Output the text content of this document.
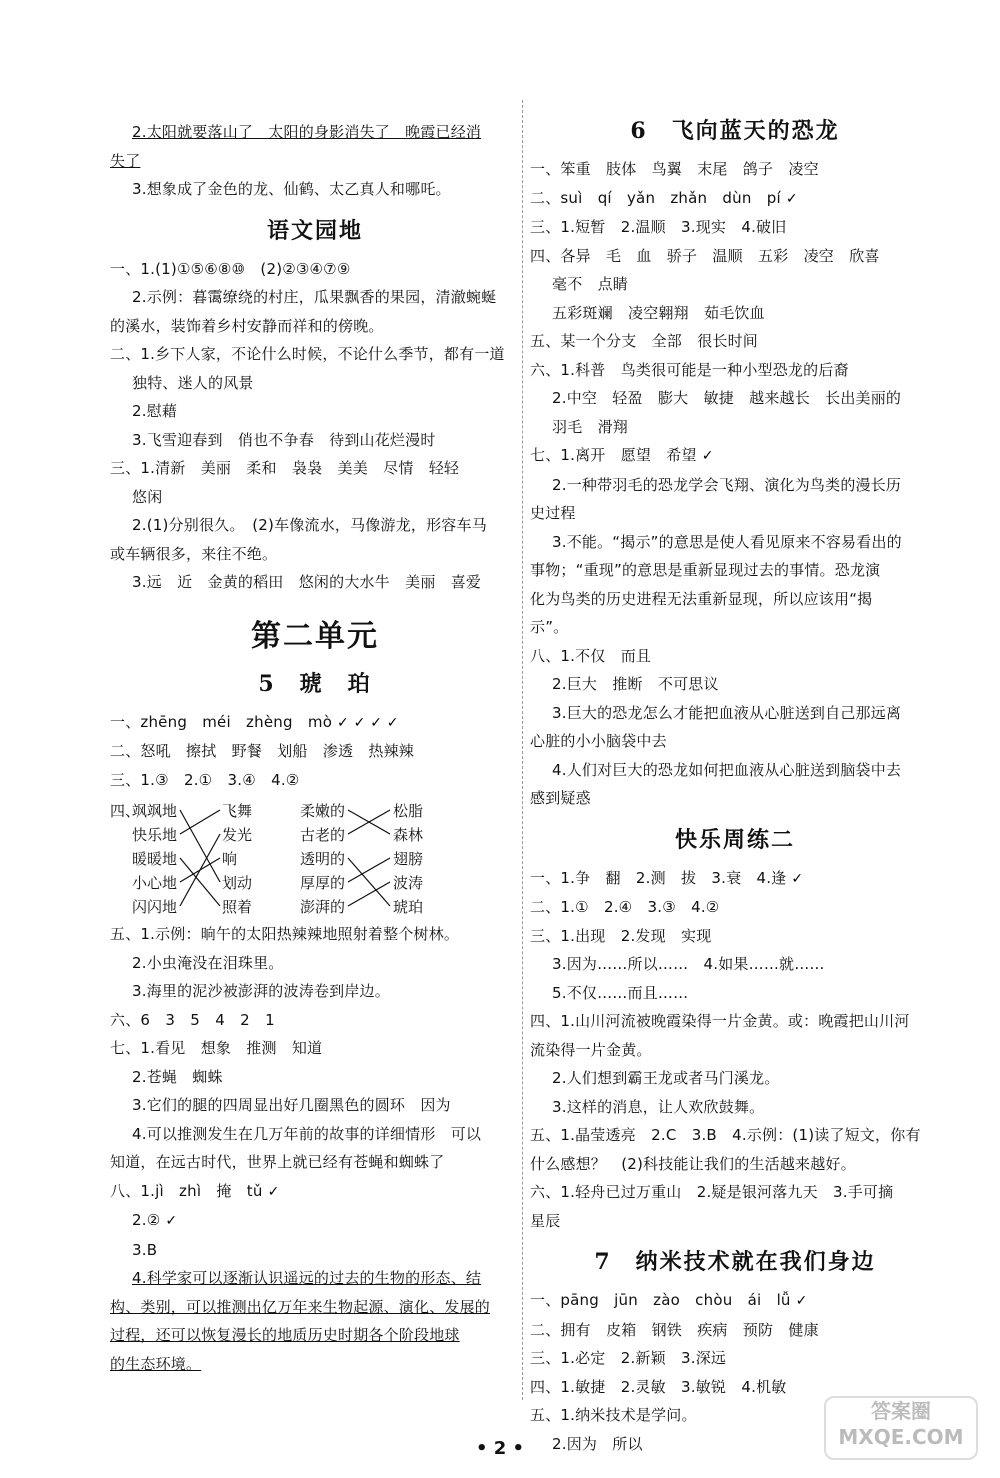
2.太阳就要落山了　太阳的身影消失了　晚霞已经消
失了
3.想象成了金色的龙、仙鹤、太乙真人和哪吒。
语文园地
一、1.(1)①⑤⑥⑧⑩　(2)②③④⑦⑨
2.示例：暮霭缭绕的村庄，瓜果飘香的果园，清澈蜿蜒
的溪水，装饰着乡村安静而祥和的傍晚。
二、1.乡下人家，不论什么时候，不论什么季节，都有一道
独特、迷人的风景
2.慰藉
3.飞雪迎春到　俏也不争春　待到山花烂漫时
三、1.清新　美丽　柔和　袅袅　美美　尽情　轻轻
悠闲
2.(1)分别很久。　(2)车像流水，马像游龙，形容车马
或车辆很多，来往不绝。
3.远　近　金黄的稻田　悠闲的大水牛　美丽　喜爱
第二单元
5　琥　珀
一、zhēng　méi　zhèng　mò ✓ ✓ ✓ ✓
二、怒吼　擦拭　野餐　划船　渗透　热辣辣
三、1.③　2.①　3.④　4.②
四、
飒飒地
快乐地
暖暖地
小心地
闪闪地
飞舞
发光
响
划动
照着
柔嫩的
古老的
透明的
厚厚的
澎湃的
松脂
森林
翅膀
波涛
琥珀
五、1.示例：晌午的太阳热辣辣地照射着整个树林。
2.小虫淹没在泪珠里。
3.海里的泥沙被澎湃的波涛卷到岸边。
六、6　3　5　4　2　1
七、1.看见　想象　推测　知道
2.苍蝇　蜘蛛
3.它们的腿的四周显出好几圈黑色的圆环　因为
4.可以推测发生在几万年前的故事的详细情形　可以
知道，在远古时代，世界上就已经有苍蝇和蜘蛛了
八、1.jì　zhì　掩　tǔ ✓
2.② ✓
3.B
4.科学家可以逐渐认识遥远的过去的生物的形态、结
构、类别，可以推测出亿万年来生物起源、演化、发展的
过程，还可以恢复漫长的地质历史时期各个阶段地球
的生态环境。
6　飞向蓝天的恐龙
一、笨重　肢体　鸟翼　末尾　鸽子　凌空
二、suì　qí　yǎn　zhǎn　dùn　pí ✓
三、1.短暂　2.温顺　3.现实　4.破旧
四、各异　毛　血　骄子　温顺　五彩　凌空　欣喜
毫不　点睛
五彩斑斓　凌空翱翔　茹毛饮血
五、某一个分支　全部　很长时间
六、1.科普　鸟类很可能是一种小型恐龙的后裔
2.中空　轻盈　膨大　敏捷　越来越长　长出美丽的
羽毛　滑翔
七、1.离开　愿望　希望 ✓
2.一种带羽毛的恐龙学会飞翔、演化为鸟类的漫长历
史过程
3.不能。“揭示”的意思是使人看见原来不容易看出的
事物；“重现”的意思是重新显现过去的事情。恐龙演
化为鸟类的历史进程无法重新显现，所以应该用“揭
示”。
八、1.不仅　而且
2.巨大　推断　不可思议
3.巨大的恐龙怎么才能把血液从心脏送到自己那远离
心脏的小小脑袋中去
4.人们对巨大的恐龙如何把血液从心脏送到脑袋中去
感到疑惑
快乐周练二
一、1.争　翻　2.测　拔　3.衰　4.逢 ✓
二、1.①　2.④　3.③　4.②
三、1.出现　2.发现　实现
3.因为……所以……　4.如果……就……
5.不仅……而且……
四、1.山川河流被晚霞染得一片金黄。或：晚霞把山川河
流染得一片金黄。
2.人们想到霸王龙或者马门溪龙。
3.这样的消息，让人欢欣鼓舞。
五、1.晶莹透亮　2.C　3.B　4.示例：(1)读了短文，你有
什么感想？　(2)科技能让我们的生活越来越好。
六、1.轻舟已过万重山　2.疑是银河落九天　3.手可摘
星辰
7　纳米技术就在我们身边
一、pāng　jūn　zào　chòu　ái　lǚ ✓
二、拥有　皮箱　钢铁　疾病　预防　健康
三、1.必定　2.新颖　3.深远
四、1.敏捷　2.灵敏　3.敏锐　4.机敏
五、1.纳米技术是学问。
2.因为　所以
• 2 •
答案圈 MXQE.COM
